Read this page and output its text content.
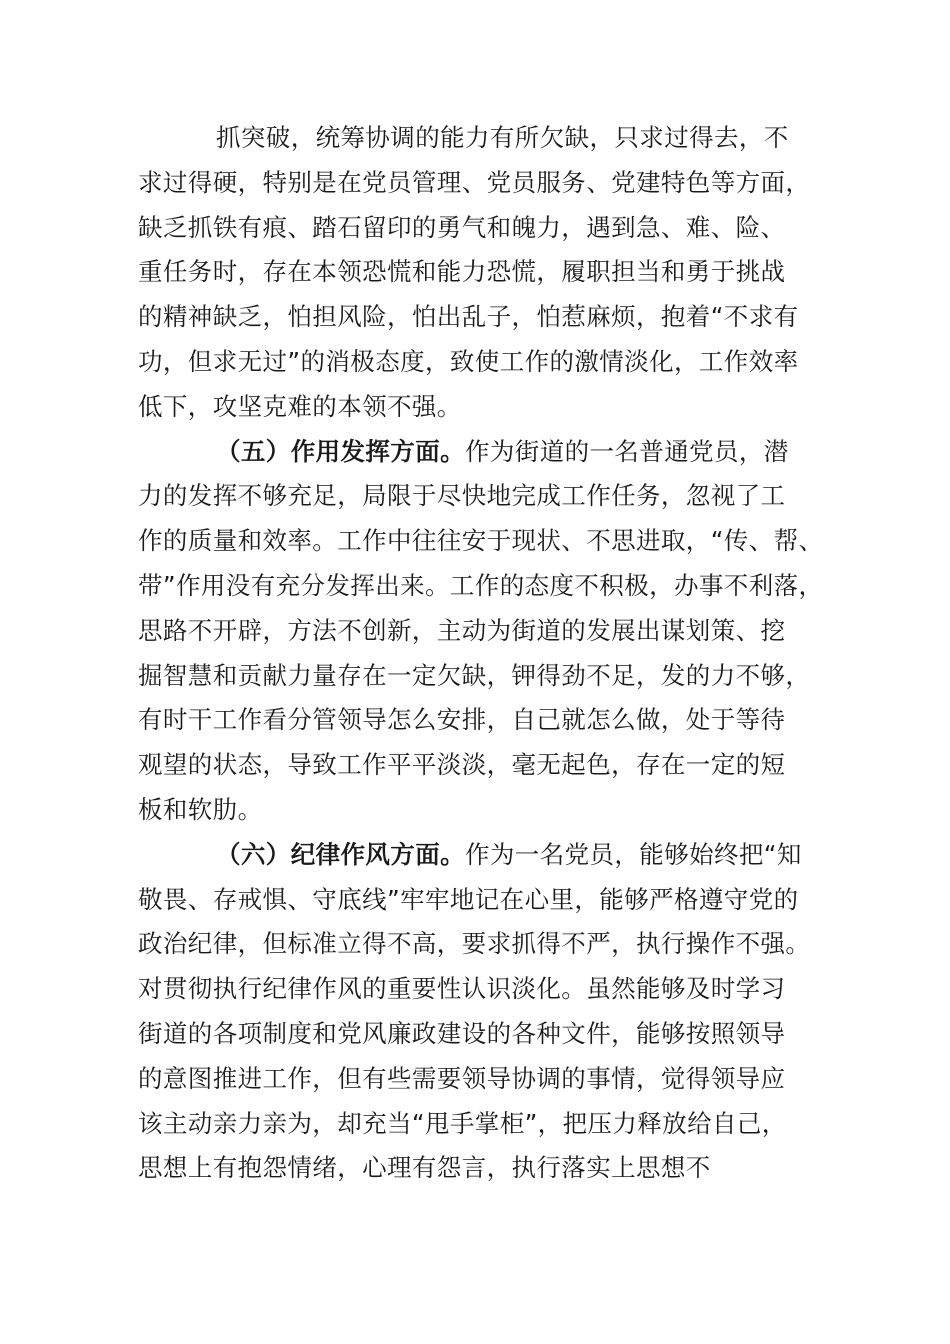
抓突破，统筹协调的能力有所欠缺，只求过得去，不
求过得硬，特别是在党员管理、党员服务、党建特色等方面，
缺乏抓铁有痕、踏石留印的勇气和魄力，遇到急、难、险、
重任务时，存在本领恐慌和能力恐慌，履职担当和勇于挑战
的精神缺乏，怕担风险，怕出乱子，怕惹麻烦，抱着“不求有
功，但求无过”的消极态度，致使工作的激情淡化，工作效率
低下，攻坚克难的本领不强。

（五）作用发挥方面。作为街道的一名普通党员，潜
力的发挥不够充足，局限于尽快地完成工作任务，忽视了工
作的质量和效率。工作中往往安于现状、不思进取，“传、帮、
带”作用没有充分发挥出来。工作的态度不积极，办事不利落，
思路不开辟，方法不创新，主动为街道的发展出谋划策、挖
掘智慧和贡献力量存在一定欠缺，钾得劲不足，发的力不够，
有时干工作看分管领导怎么安排，自己就怎么做，处于等待
观望的状态，导致工作平平淡淡，毫无起色，存在一定的短
板和软肋。

（六）纪律作风方面。作为一名党员，能够始终把“知
敬畏、存戒惧、守底线”牢牢地记在心里，能够严格遵守党的
政治纪律，但标准立得不高，要求抓得不严，执行操作不强。
对贯彻执行纪律作风的重要性认识淡化。虽然能够及时学习
街道的各项制度和党风廉政建设的各种文件，能够按照领导
的意图推进工作，但有些需要领导协调的事情，觉得领导应
该主动亲力亲为，却充当“甩手掌柜”，把压力释放给自己，
思想上有抱怨情绪，心理有怨言，执行落实上思想不
